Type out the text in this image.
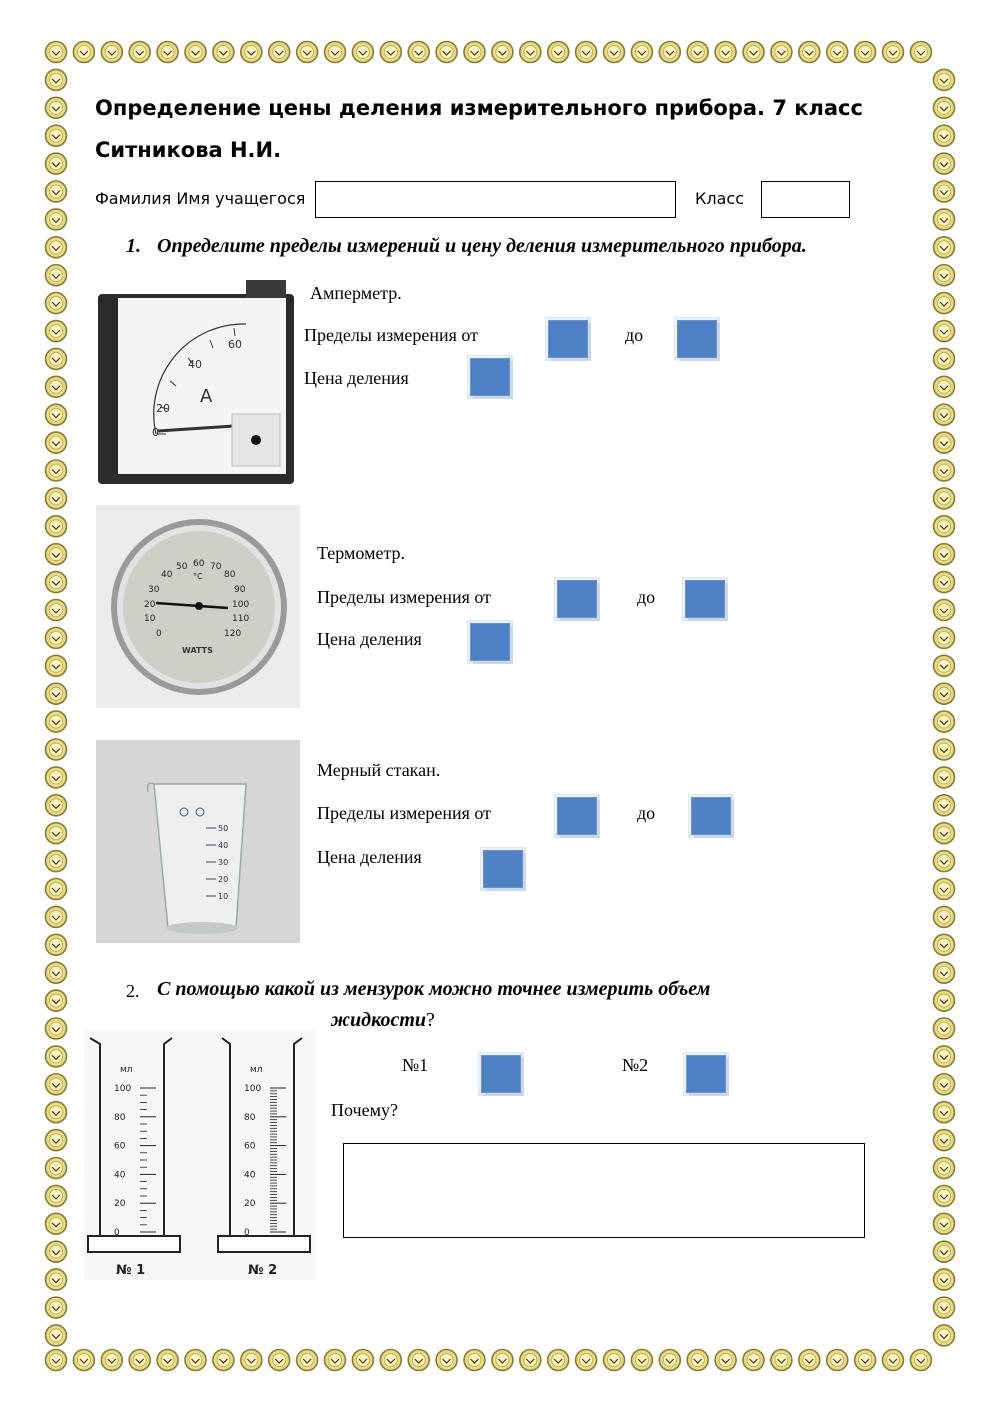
Определение цены деления измерительного прибора. 7 класс
Ситникова Н.И.
Фамилия Имя учащегося	Класс
1. Определите пределы измерений и цену деления измерительного прибора.
20
40
60
0
A
Амперметр.
Пределы измерения от	до
Цена деления
0
10
20
30
40
50 60 70
80
90
100
110
120
°C
WATTS
Термометр.
Пределы измерения от	до
Цена деления
50
40
30
20
10
Мерный стакан.
Пределы измерения от	до
Цена деления
2. С помощью какой из мензурок можно точнее измерить объем
жидкости?
мл
100
80
60
40
20
0
№ 1
мл
100
80
60
40
20
0
№ 2
№1	№2
Почему?
